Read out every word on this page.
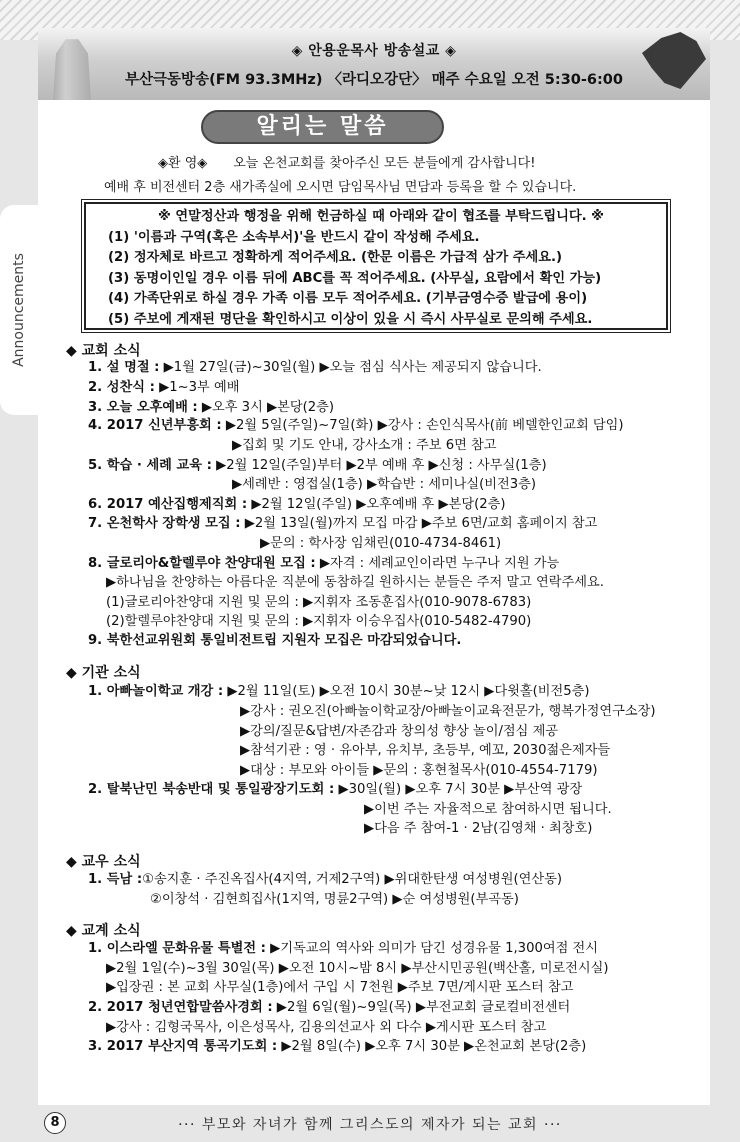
◈ 안용운목사 방송설교 ◈
부산극동방송(FM 93.3MHz) 〈라디오강단〉 매주 수요일 오전 5:30-6:00
Announcements
알리는 말씀
◈환 영◈ 오늘 온천교회를 찾아주신 모든 분들에게 감사합니다!
예배 후 비전센터 2층 새가족실에 오시면 담임목사님 면담과 등록을 할 수 있습니다.
※ 연말정산과 행정을 위해 헌금하실 때 아래와 같이 협조를 부탁드립니다. ※
(1) '이름과 구역(혹은 소속부서)'을 반드시 같이 작성해 주세요.
(2) 정자체로 바르고 정확하게 적어주세요. (한문 이름은 가급적 삼가 주세요.)
(3) 동명이인일 경우 이름 뒤에 ABC를 꼭 적어주세요. (사무실, 요람에서 확인 가능)
(4) 가족단위로 하실 경우 가족 이름 모두 적어주세요. (기부금영수증 발급에 용이)
(5) 주보에 게재된 명단을 확인하시고 이상이 있을 시 즉시 사무실로 문의해 주세요.
◆ 교회 소식
1. 설 명절 : ▶1월 27일(금)~30일(월) ▶오늘 점심 식사는 제공되지 않습니다.
2. 성찬식 : ▶1~3부 예배
3. 오늘 오후예배 : ▶오후 3시 ▶본당(2층)
4. 2017 신년부흥회 : ▶2월 5일(주일)~7일(화) ▶강사 : 손인식목사(前 베델한인교회 담임)
▶집회 및 기도 안내, 강사소개 : 주보 6면 참고
5. 학습 · 세례 교육 : ▶2월 12일(주일)부터 ▶2부 예배 후 ▶신청 : 사무실(1층)
▶세례반 : 영접실(1층) ▶학습반 : 세미나실(비전3층)
6. 2017 예산집행제직회 : ▶2월 12일(주일) ▶오후예배 후 ▶본당(2층)
7. 온천학사 장학생 모집 : ▶2월 13일(월)까지 모집 마감 ▶주보 6면/교회 홈페이지 참고
▶문의 : 학사장 임채린(010-4734-8461)
8. 글로리아&할렐루야 찬양대원 모집 : ▶자격 : 세례교인이라면 누구나 지원 가능
▶하나님을 찬양하는 아름다운 직분에 동참하길 원하시는 분들은 주저 말고 연락주세요.
(1)글로리아찬양대 지원 및 문의 : ▶지휘자 조동훈집사(010-9078-6783)
(2)할렐루야찬양대 지원 및 문의 : ▶지휘자 이승우집사(010-5482-4790)
9. 북한선교위원회 통일비전트립 지원자 모집은 마감되었습니다.
◆ 기관 소식
1. 아빠놀이학교 개강 : ▶2월 11일(토) ▶오전 10시 30분~낮 12시 ▶다윗홀(비전5층)
▶강사 : 권오진(아빠놀이학교장/아빠놀이교육전문가, 행복가정연구소장)
▶강의/질문&답변/자존감과 창의성 향상 놀이/점심 제공
▶참석기관 : 영 · 유아부, 유치부, 초등부, 예꼬, 2030젊은제자들
▶대상 : 부모와 아이들 ▶문의 : 홍현철목사(010-4554-7179)
2. 탈북난민 북송반대 및 통일광장기도회 : ▶30일(월) ▶오후 7시 30분 ▶부산역 광장
▶이번 주는 자율적으로 참여하시면 됩니다.
▶다음 주 참여-1 · 2남(김영채 · 최창호)
◆ 교우 소식
1. 득남 :①송지훈 · 주진옥집사(4지역, 거제2구역) ▶위대한탄생 여성병원(연산동)
②이창석 · 김현희집사(1지역, 명륜2구역) ▶순 여성병원(부곡동)
◆ 교계 소식
1. 이스라엘 문화유물 특별전 : ▶기독교의 역사와 의미가 담긴 성경유물 1,300여점 전시
▶2월 1일(수)~3월 30일(목) ▶오전 10시~밤 8시 ▶부산시민공원(백산홀, 미로전시실)
▶입장권 : 본 교회 사무실(1층)에서 구입 시 7천원 ▶주보 7면/게시판 포스터 참고
2. 2017 청년연합말씀사경회 : ▶2월 6일(월)~9일(목) ▶부전교회 글로컬비전센터
▶강사 : 김형국목사, 이은성목사, 김용의선교사 외 다수 ▶게시판 포스터 참고
3. 2017 부산지역 통곡기도회 : ▶2월 8일(수) ▶오후 7시 30분 ▶온천교회 본당(2층)
8	··· 부모와 자녀가 함께 그리스도의 제자가 되는 교회 ···
